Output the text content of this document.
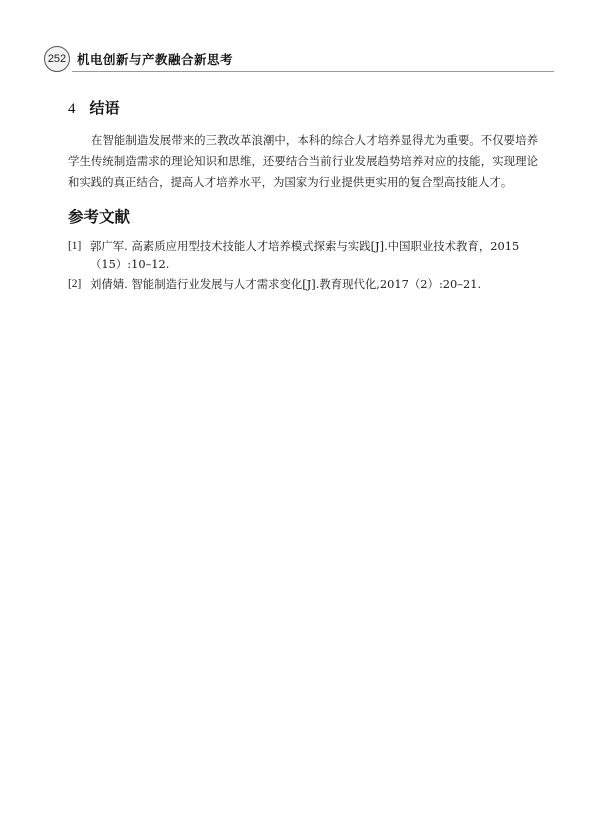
252 机电创新与产教融合新思考
4 结语

在智能制造发展带来的三教改革浪潮中，本科的综合人才培养显得尤为重要。不仅要培养学生传统制造需求的理论知识和思维，还要结合当前行业发展趋势培养对应的技能，实现理论和实践的真正结合，提高人才培养水平，为国家为行业提供更实用的复合型高技能人才。

参考文献
[1] 郭广军. 高素质应用型技术技能人才培养模式探索与实践[J].中国职业技术教育，2015（15）:10–12.
[2] 刘倩婧. 智能制造行业发展与人才需求变化[J].教育现代化,2017（2）:20–21.
